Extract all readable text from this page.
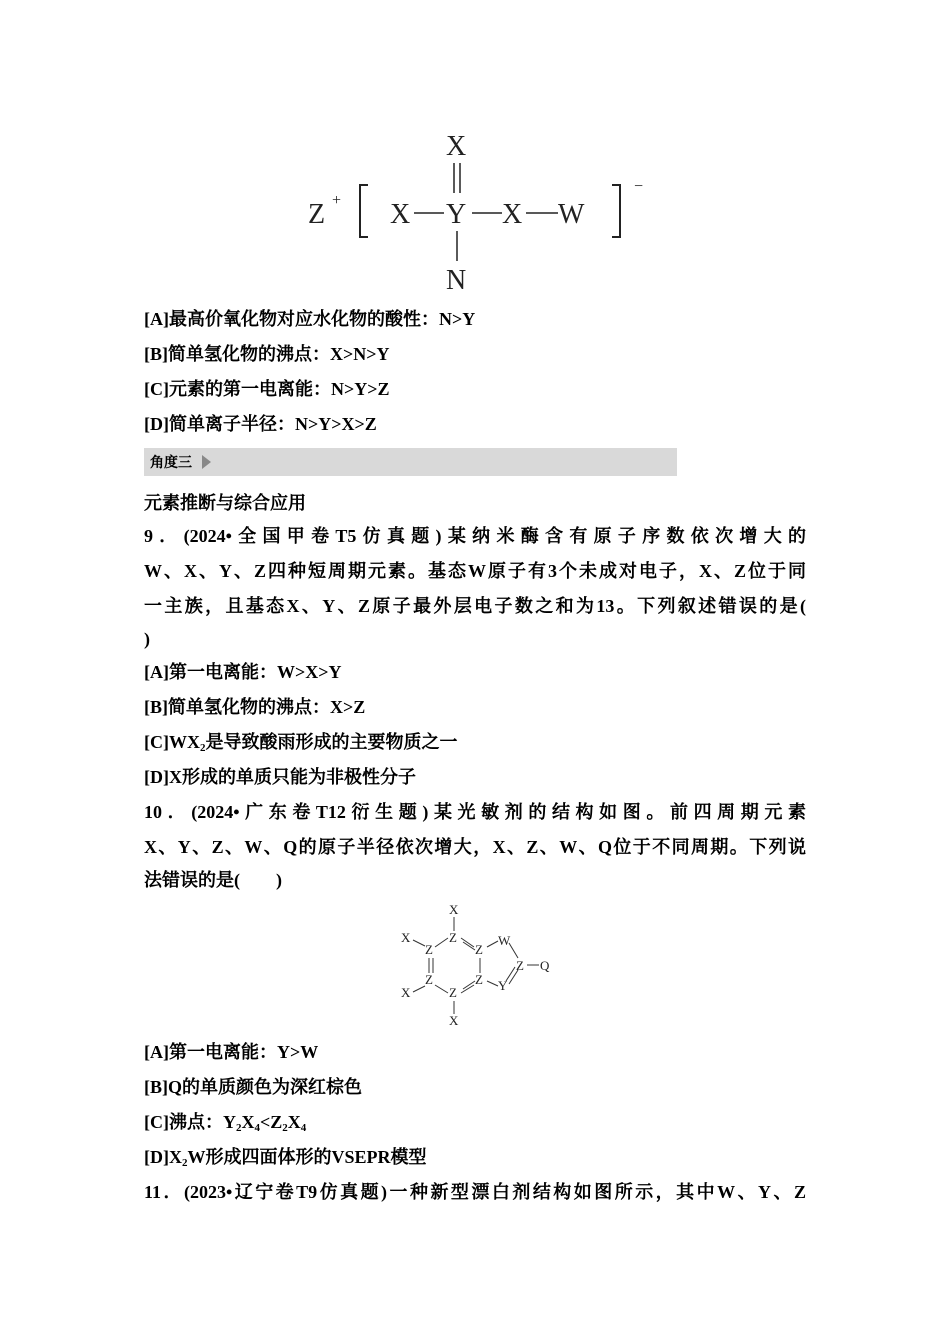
Z +
X
X Y X W
N
−
[A]最高价氧化物对应水化物的酸性：N>Y
[B]简单氢化物的沸点：X>N>Y
[C]元素的第一电离能：N>Y>Z
[D]简单离子半径：N>Y>X>Z
角度三
元素推断与综合应用
9．(2024•全国甲卷T5仿真题)某纳米酶含有原子序数依次增大的
W、X、Y、Z四种短周期元素。基态W原子有3个未成对电子，X、Z位于同
一主族，且基态X、Y、Z原子最外层电子数之和为13。下列叙述错误的是(
)
[A]第一电离能：W>X>Y
[B]简单氢化物的沸点：X>Z
$[C]WX_2$是导致酸雨形成的主要物质之一
[D]X形成的单质只能为非极性分子
10．(2024•广东卷T12衍生题)某光敏剂的结构如图。前四周期元素
X、Y、Z、W、Q的原子半径依次增大，X、Z、W、Q位于不同周期。下列说
法错误的是(　　)
X
X
X
X
Z
Z
Z
Z
Z
Z
W
Y
Z Q
[A]第一电离能：Y>W
[B]Q的单质颜色为深红棕色
[C]沸点：$Y_2X_4<Z_2X_4$
$[D]X_2W$形成四面体形的VSEPR模型
11．(2023•辽宁卷T9仿真题)一种新型漂白剂结构如图所示，其中W、Y、Z
